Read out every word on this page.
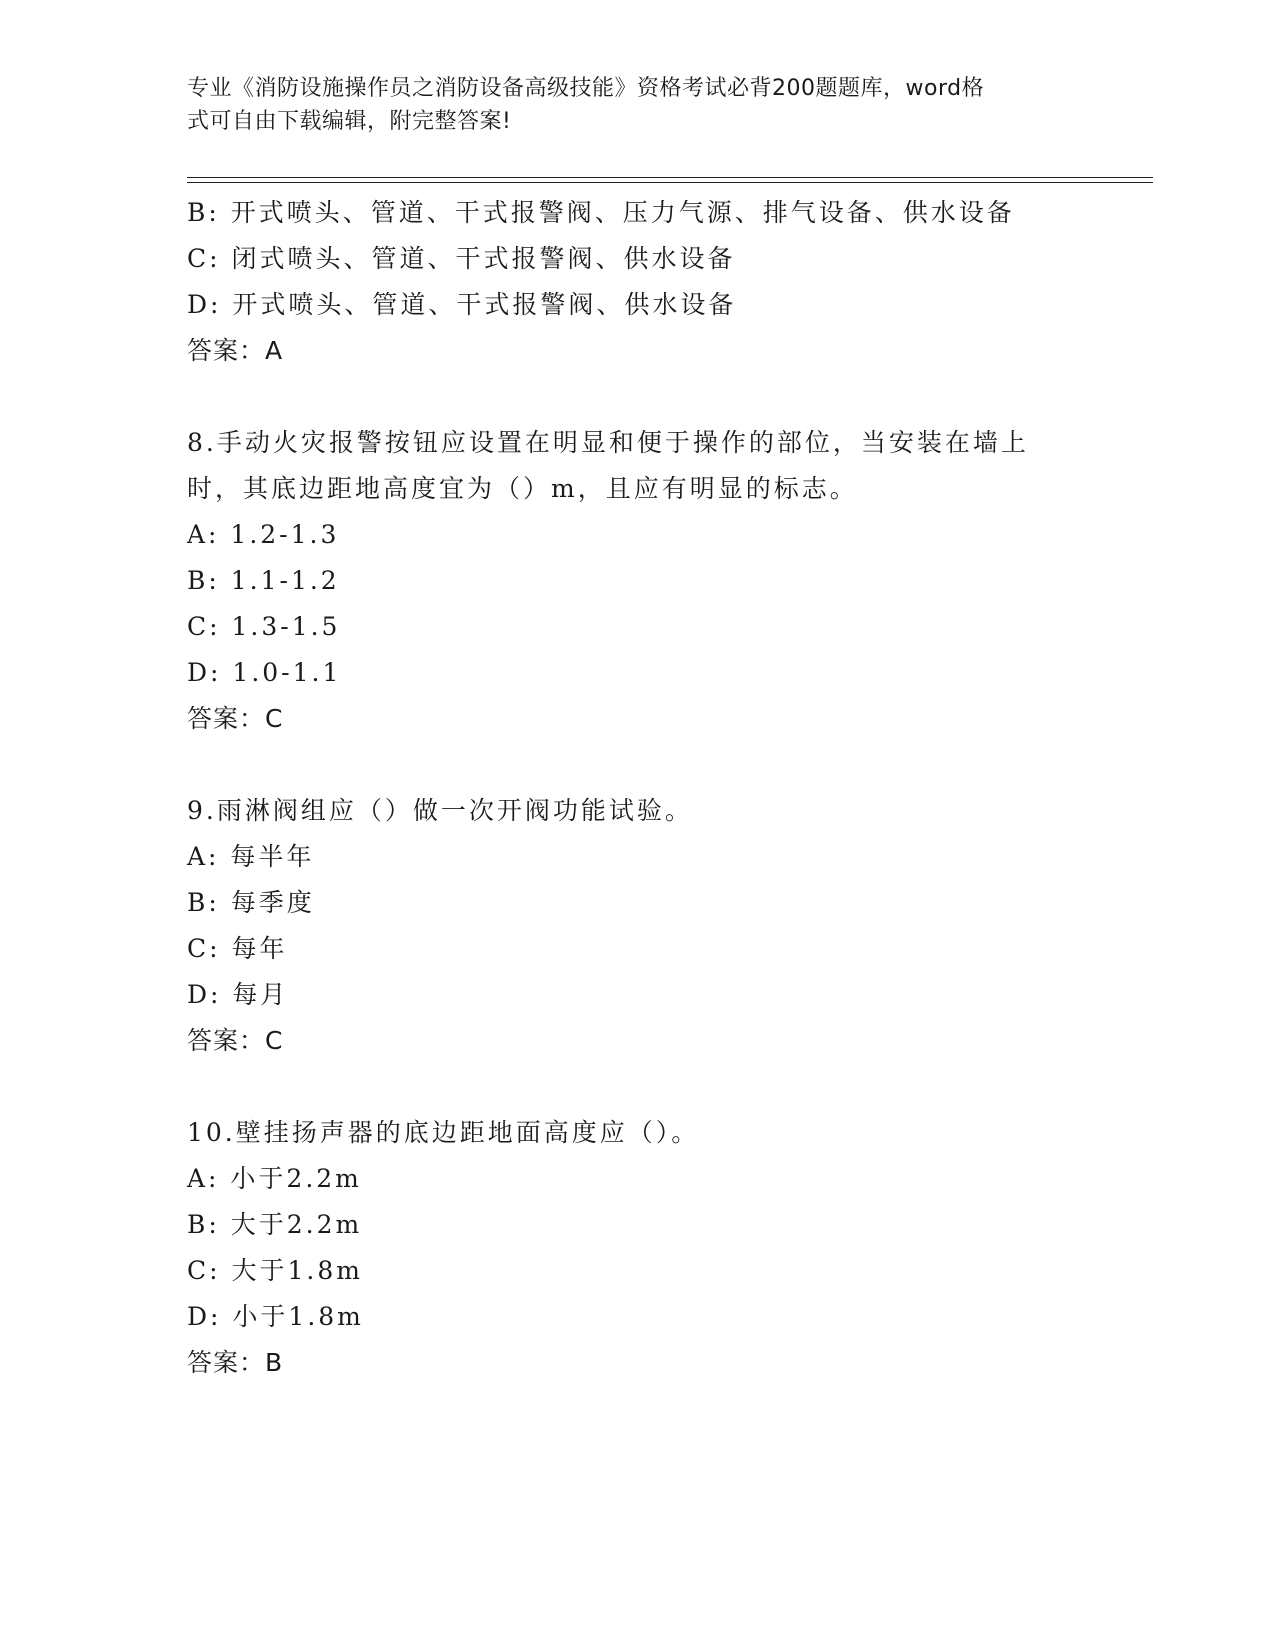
专业《消防设施操作员之消防设备高级技能》资格考试必背200题题库，word格
式可自由下载编辑，附完整答案!
B: 开式喷头、管道、干式报警阀、压力气源、排气设备、供水设备
C: 闭式喷头、管道、干式报警阀、供水设备
D: 开式喷头、管道、干式报警阀、供水设备
答案：A
8.手动火灾报警按钮应设置在明显和便于操作的部位，当安装在墙上
时，其底边距地高度宜为（）m，且应有明显的标志。
A: 1.2-1.3
B: 1.1-1.2
C: 1.3-1.5
D: 1.0-1.1
答案：C
9.雨淋阀组应（）做一次开阀功能试验。
A: 每半年
B: 每季度
C: 每年
D: 每月
答案：C
10.壁挂扬声器的底边距地面高度应（）。
A: 小于2.2m
B: 大于2.2m
C: 大于1.8m
D: 小于1.8m
答案：B
